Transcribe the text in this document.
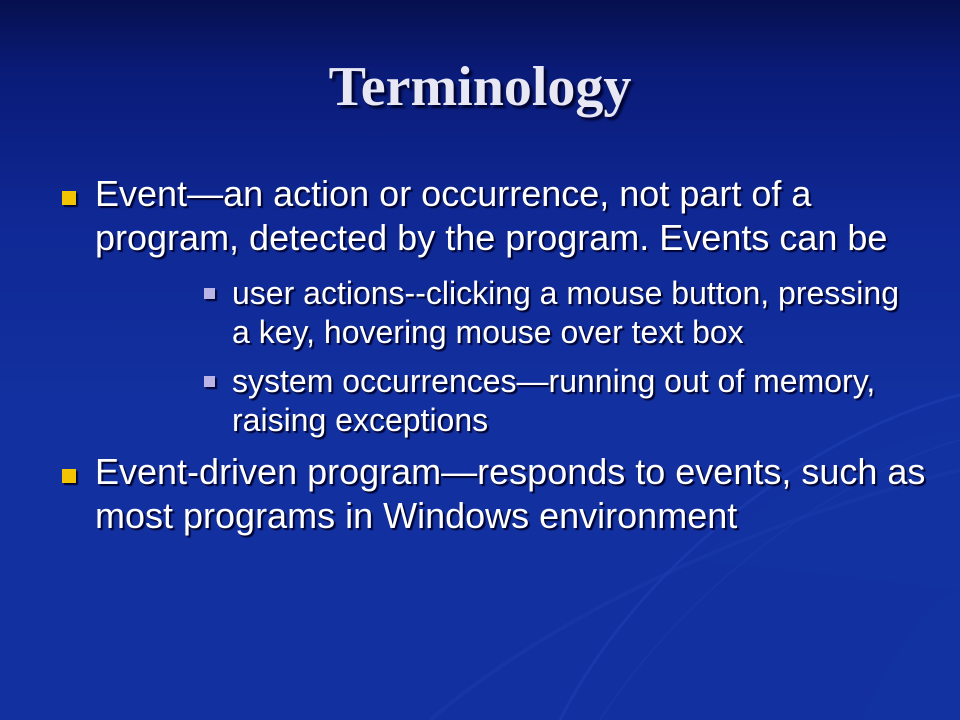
Terminology
Event—an action or occurrence, not part of a program, detected by the program. Events can be
user actions--clicking a mouse button, pressing a key, hovering mouse over text box
system occurrences—running out of memory, raising exceptions
Event-driven program—responds to events, such as most programs in Windows environment
